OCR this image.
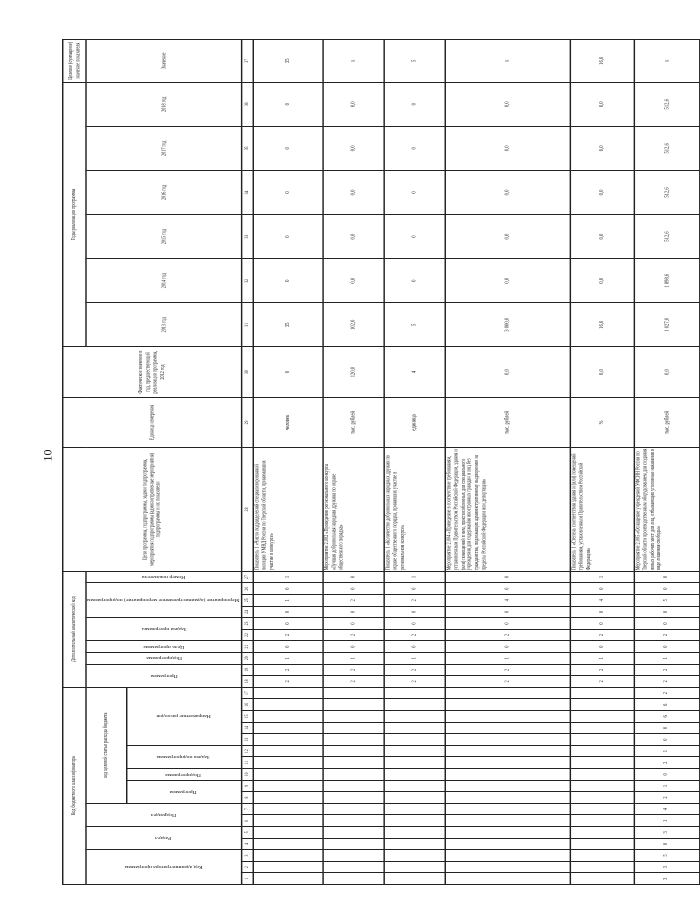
10
Код бюджетного классификатора																	Дополнительный аналитический код										Цели программы, подпрограммы, задачи подпрограммы, мероприятия подпрограммы (административные мероприятия) подпрограммы и их показатели	Единица измерения	Фактическое значение в год, предшествующий реализации программы, 2012 год	Годы реализации программы						Целевое (суммарное) значение показателя

Код администратора программы			Раздел		Подраздел		код целевой статьи расхода бюджета										Программа		Подпрограмма	Цель программы	Задача программы		Мероприятие (административное мероприятие) подпрограммы			Номер показателя				2013 год	2014 год	2015 год	2016 год	2017 год	2018 год	Значение

							Программа		Подпрограмма	Задача подпрограммы		Направление расходов																								

1	2	3	4	5	6	7	8	9	10	11	12	13	14	15	16	17	18	19	20	21	22	23	24	25	26	27	28	29	30	31	32	33	34	35	36	37
																	2	2	1	0	2	0	0	1	0	1	Показатель 1 «Число подразделений специализированной полиции УМВД России по Тверской области, принимавших участие в конкурсе»	человек	0	35	0	0	0	0	0	35
																	2	2	1	0	2	0	0	2	0	0	Мероприятие 2.002 «Проведение регионального конкурса «Лучшая добровольная народная дружина по охране общественного порядка»	тыс. рублей	120,0	102,0	0,0	0,0	0,0	0,0	0,0	х
																	2	2	1	0	2	0	0	2	0	1	Показатель 1 «Количество добровольных народных дружин по охране общественного порядка, принявших участие в региональном конкурсе»	единица	4	5	0	0	0	0	0	5
																	2	2	1	0	2	0	0	4	0	0	Мероприятие 2.004 «Приведение в соответствие требованиям, установленным Правительством Российской Федерации, здания и (или) помещений в нем, приспособленных для специального учреждения для содержания иностранных граждан и лиц без гражданства, подлежащих административному выдворению за пределы Российской Федерации или депортации»	тыс. рублей	0,0	3 000,0	0,0	0,0	0,0	0,0	0,0	х
																	2	2	1	0	2	0	0	4	0	1	Показатель 1 «Степень соответствия здания и (или) помещений требованиям, установленным Правительством Российской Федерации»	%	0,0	16,6	0,0	0,0	0,0	0,0	0,0	16,6
3	3	5	0	3	1	4	2	1	0	2	1	0	0	6	6	2	2	2	1	0	2	0	0	5	0	0	Мероприятие 2.005 «Оснащение учреждений УФСИН России по Тверской области производственным оборудованием для создания новых рабочих мест для лиц, отбывающих уголовные наказания в виде лишения свободы»	тыс. рублей	0,0	1 027,0	1 898,6	512,6	512,6	512,6	512,6	х
